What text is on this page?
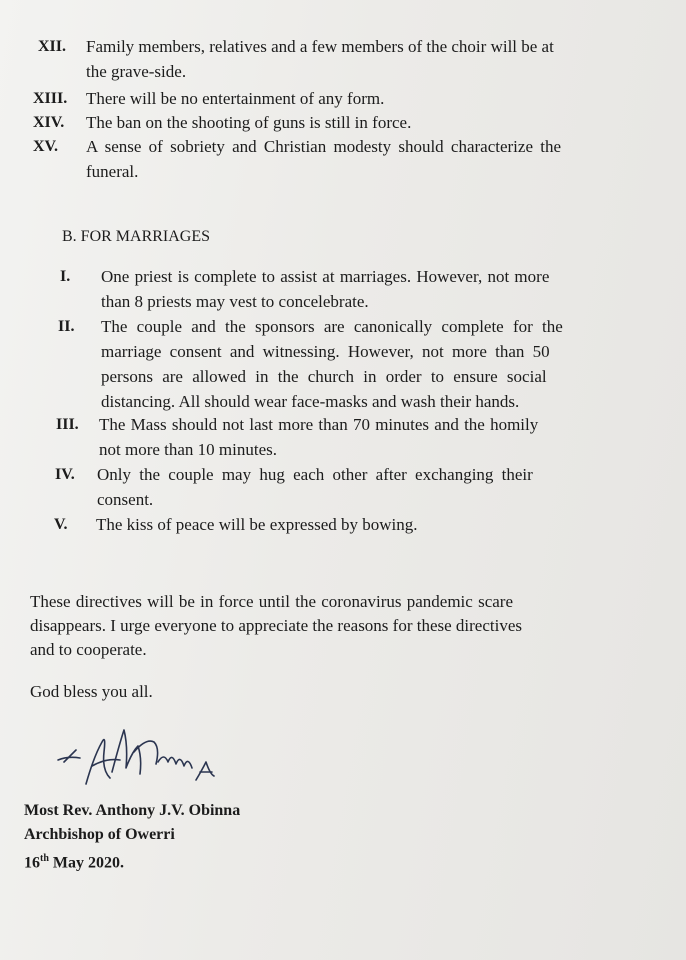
XII. Family members, relatives and a few members of the choir will be at
the grave-side.
XIII. There will be no entertainment of any form.
XIV. The ban on the shooting of guns is still in force.
XV. A sense of sobriety and Christian modesty should characterize the
funeral.
B. FOR MARRIAGES
I. One priest is complete to assist at marriages. However, not more
than 8 priests may vest to concelebrate.
II. The couple and the sponsors are canonically complete for the
marriage consent and witnessing. However, not more than 50
persons are allowed in the church in order to ensure social
distancing. All should wear face-masks and wash their hands.
III. The Mass should not last more than 70 minutes and the homily
not more than 10 minutes.
IV. Only the couple may hug each other after exchanging their
consent.
V. The kiss of peace will be expressed by bowing.
These directives will be in force until the coronavirus pandemic scare
disappears. I urge everyone to appreciate the reasons for these directives
and to cooperate.
God bless you all.
Most Rev. Anthony J.V. Obinna
Archbishop of Owerri
16th May 2020.
